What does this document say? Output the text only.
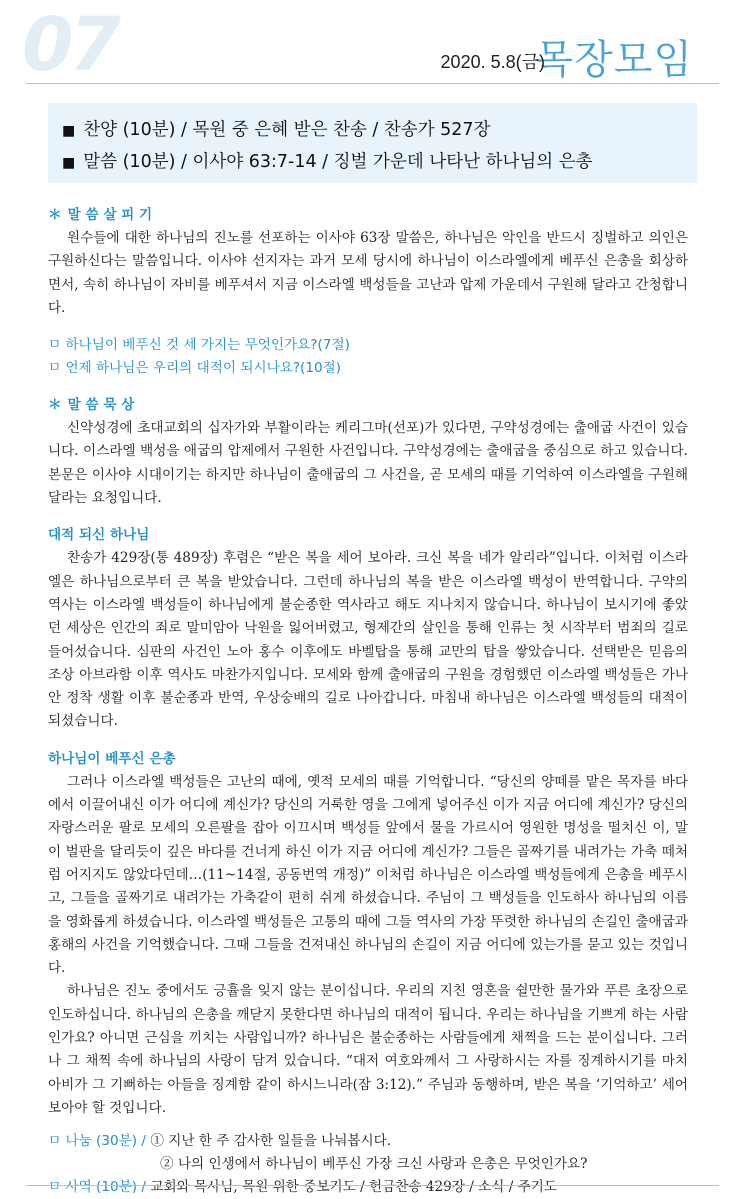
07	목장모임
2020. 5.8(금)
■ 찬양 (10분) / 목원 중 은혜 받은 찬송 / 찬송가 527장
■ 말씀 (10분) / 이사야 63:7-14 / 징벌 가운데 나타난 하나님의 은총
＊ 말 씀 살 피 기

원수들에 대한 하나님의 진노를 선포하는 이사야 63장 말씀은, 하나님은 악인을 반드시 징벌하고 의인은 구원하신다는 말씀입니다. 이사야 선지자는 과거 모세 당시에 하나님이 이스라엘에게 베푸신 은총을 회상하면서, 속히 하나님이 자비를 베푸셔서 지금 이스라엘 백성들을 고난과 압제 가운데서 구원해 달라고 간청합니다.

ㅁ 하나님이 베푸신 것 세 가지는 무엇인가요?(7절)
ㅁ 언제 하나님은 우리의 대적이 되시나요?(10절)
＊ 말 씀 묵 상

신약성경에 초대교회의 십자가와 부활이라는 케리그마(선포)가 있다면, 구약성경에는 출애굽 사건이 있습니다. 이스라엘 백성을 애굽의 압제에서 구원한 사건입니다. 구약성경에는 출애굽을 중심으로 하고 있습니다. 본문은 이사야 시대이기는 하지만 하나님이 출애굽의 그 사건을, 곧 모세의 때를 기억하여 이스라엘을 구원해달라는 요청입니다.

대적 되신 하나님

찬송가 429장(통 489장) 후렴은 “받은 복을 세어 보아라. 크신 복을 네가 알리라”입니다. 이처럼 이스라엘은 하나님으로부터 큰 복을 받았습니다. 그런데 하나님의 복을 받은 이스라엘 백성이 반역합니다. 구약의 역사는 이스라엘 백성들이 하나님에게 불순종한 역사라고 해도 지나치지 않습니다. 하나님이 보시기에 좋았던 세상은 인간의 죄로 말미암아 낙원을 잃어버렸고, 형제간의 살인을 통해 인류는 첫 시작부터 범죄의 길로 들어섰습니다. 심판의 사건인 노아 홍수 이후에도 바벨탑을 통해 교만의 탑을 쌓았습니다. 선택받은 믿음의 조상 아브라함 이후 역사도 마찬가지입니다. 모세와 함께 출애굽의 구원을 경험했던 이스라엘 백성들은 가나안 정착 생활 이후 불순종과 반역, 우상숭배의 길로 나아갑니다. 마침내 하나님은 이스라엘 백성들의 대적이 되셨습니다.

하나님이 베푸신 은총

그러나 이스라엘 백성들은 고난의 때에, 옛적 모세의 때를 기억합니다. “당신의 양떼를 맡은 목자를 바다에서 이끌어내신 이가 어디에 계신가? 당신의 거룩한 영을 그에게 넣어주신 이가 지금 어디에 계신가? 당신의 자랑스러운 팔로 모세의 오른팔을 잡아 이끄시며 백성들 앞에서 물을 가르시어 영원한 명성을 떨치신 이, 말이 벌판을 달리듯이 깊은 바다를 건너게 하신 이가 지금 어디에 계신가? 그들은 골짜기를 내려가는 가축 떼처럼 어지지도 않았다던데…(11~14절, 공동번역 개정)” 이처럼 하나님은 이스라엘 백성들에게 은총을 베푸시고, 그들을 골짜기로 내려가는 가축같이 편히 쉬게 하셨습니다. 주님이 그 백성들을 인도하사 하나님의 이름을 영화롭게 하셨습니다. 이스라엘 백성들은 고통의 때에 그들 역사의 가장 뚜렷한 하나님의 손길인 출애굽과 홍해의 사건을 기억했습니다. 그때 그들을 건져내신 하나님의 손길이 지금 어디에 있는가를 묻고 있는 것입니다.

하나님은 진노 중에서도 긍휼을 잊지 않는 분이십니다. 우리의 지친 영혼을 쉴만한 물가와 푸른 초장으로 인도하십니다. 하나님의 은총을 깨닫지 못한다면 하나님의 대적이 됩니다. 우리는 하나님을 기쁘게 하는 사람인가요? 아니면 근심을 끼치는 사람입니까? 하나님은 불순종하는 사람들에게 채찍을 드는 분이십니다. 그러나 그 채찍 속에 하나님의 사랑이 담겨 있습니다. “대저 여호와께서 그 사랑하시는 자를 징계하시기를 마치 아비가 그 기뻐하는 아들을 징계함 같이 하시느니라(잠 3:12).” 주님과 동행하며, 받은 복을 ‘기억하고’ 세어 보아야 할 것입니다.

ㅁ 나눔 (30분) / ① 지난 한 주 감사한 일들을 나눠봅시다.
② 나의 인생에서 하나님이 베푸신 가장 크신 사랑과 은총은 무엇인가요?
ㅁ 사역 (10분) / 교회와 목사님, 목원 위한 중보기도 / 헌금찬송 429장 / 소식 / 주기도
